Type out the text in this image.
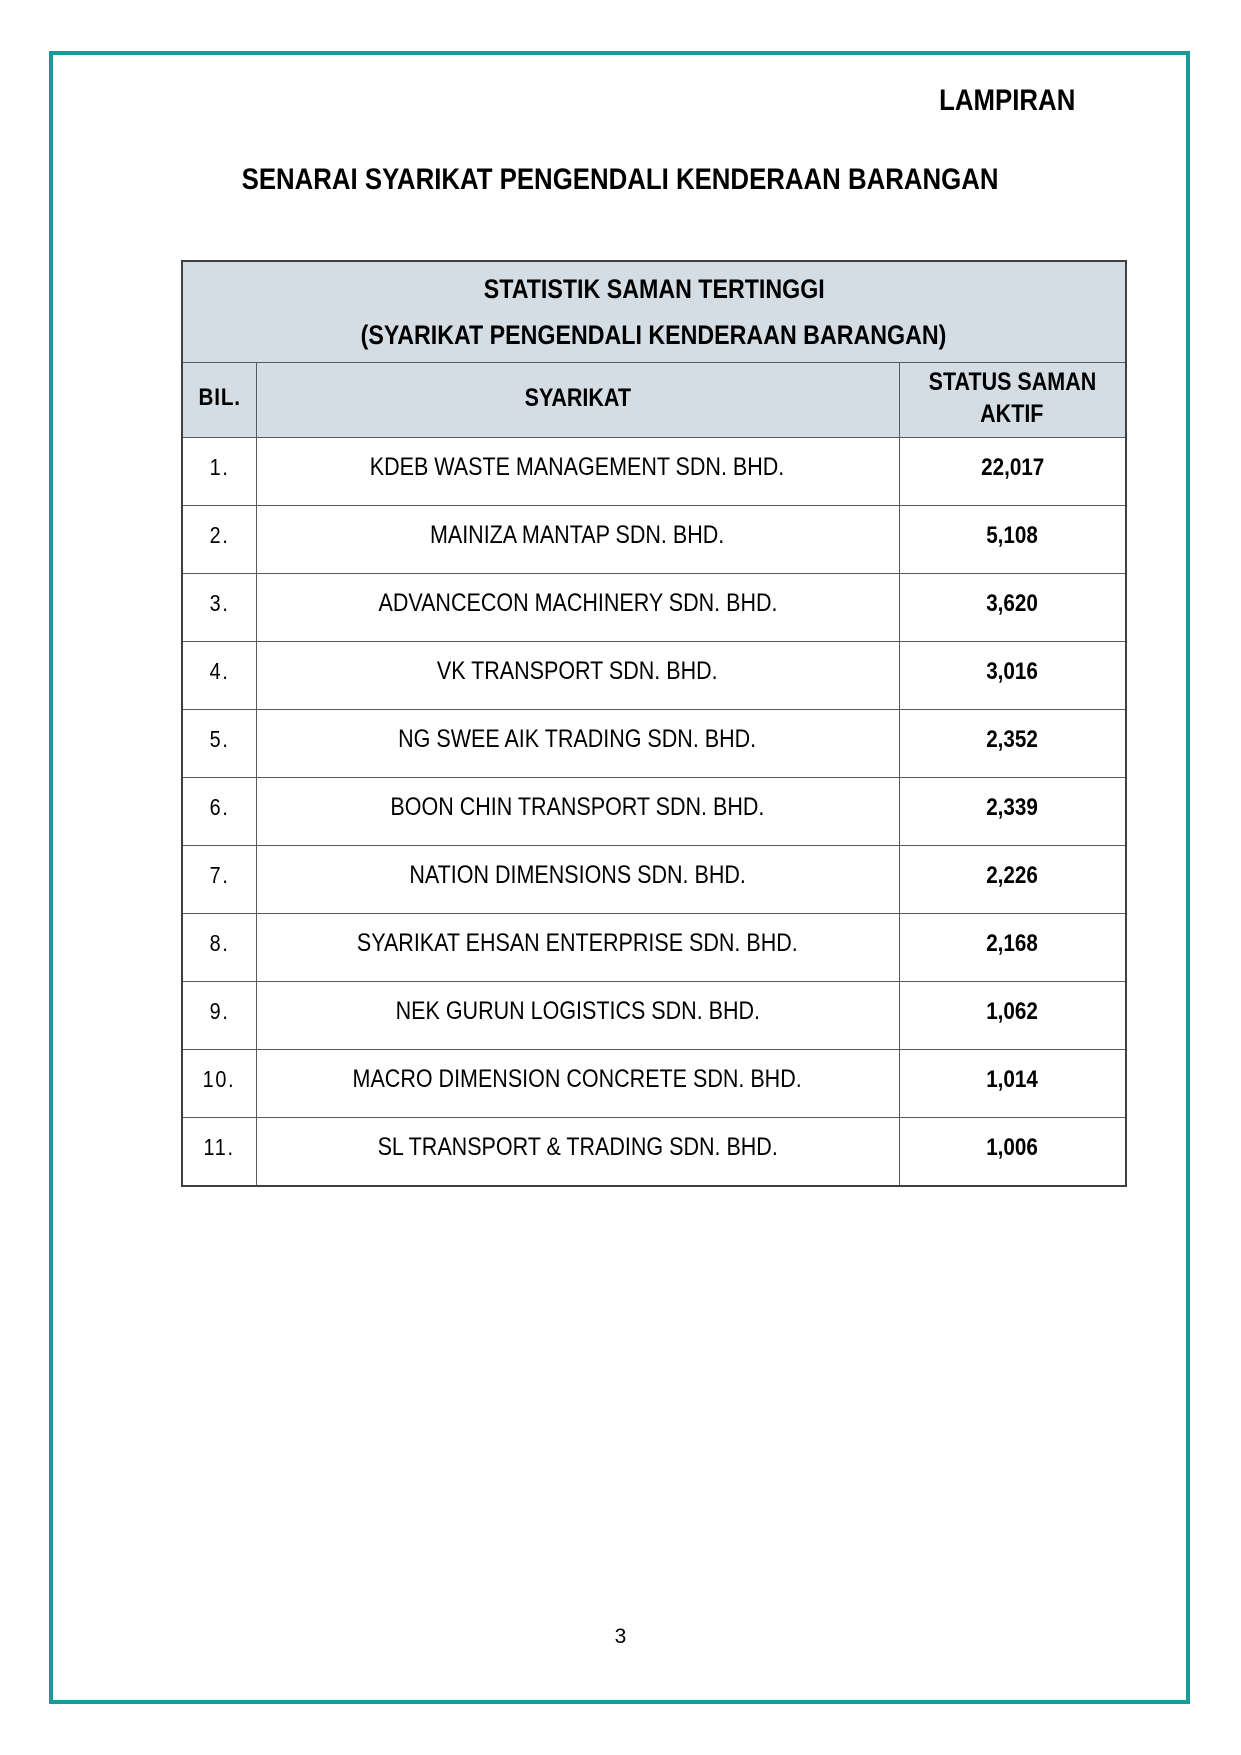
LAMPIRAN
SENARAI SYARIKAT PENGENDALI KENDERAAN BARANGAN
STATISTIK SAMAN TERTINGGI
(SYARIKAT PENGENDALI KENDERAAN BARANGAN)		

BIL.	SYARIKAT	STATUS SAMAN
AKTIF

1.	KDEB WASTE MANAGEMENT SDN. BHD.	22,017
2.	MAINIZA MANTAP SDN. BHD.	5,108
3.	ADVANCECON MACHINERY SDN. BHD.	3,620
4.	VK TRANSPORT SDN. BHD.	3,016
5.	NG SWEE AIK TRADING SDN. BHD.	2,352
6.	BOON CHIN TRANSPORT SDN. BHD.	2,339
7.	NATION DIMENSIONS SDN. BHD.	2,226
8.	SYARIKAT EHSAN ENTERPRISE SDN. BHD.	2,168
9.	NEK GURUN LOGISTICS SDN. BHD.	1,062
10.	MACRO DIMENSION CONCRETE SDN. BHD.	1,014
11.	SL TRANSPORT & TRADING SDN. BHD.	1,006
3
